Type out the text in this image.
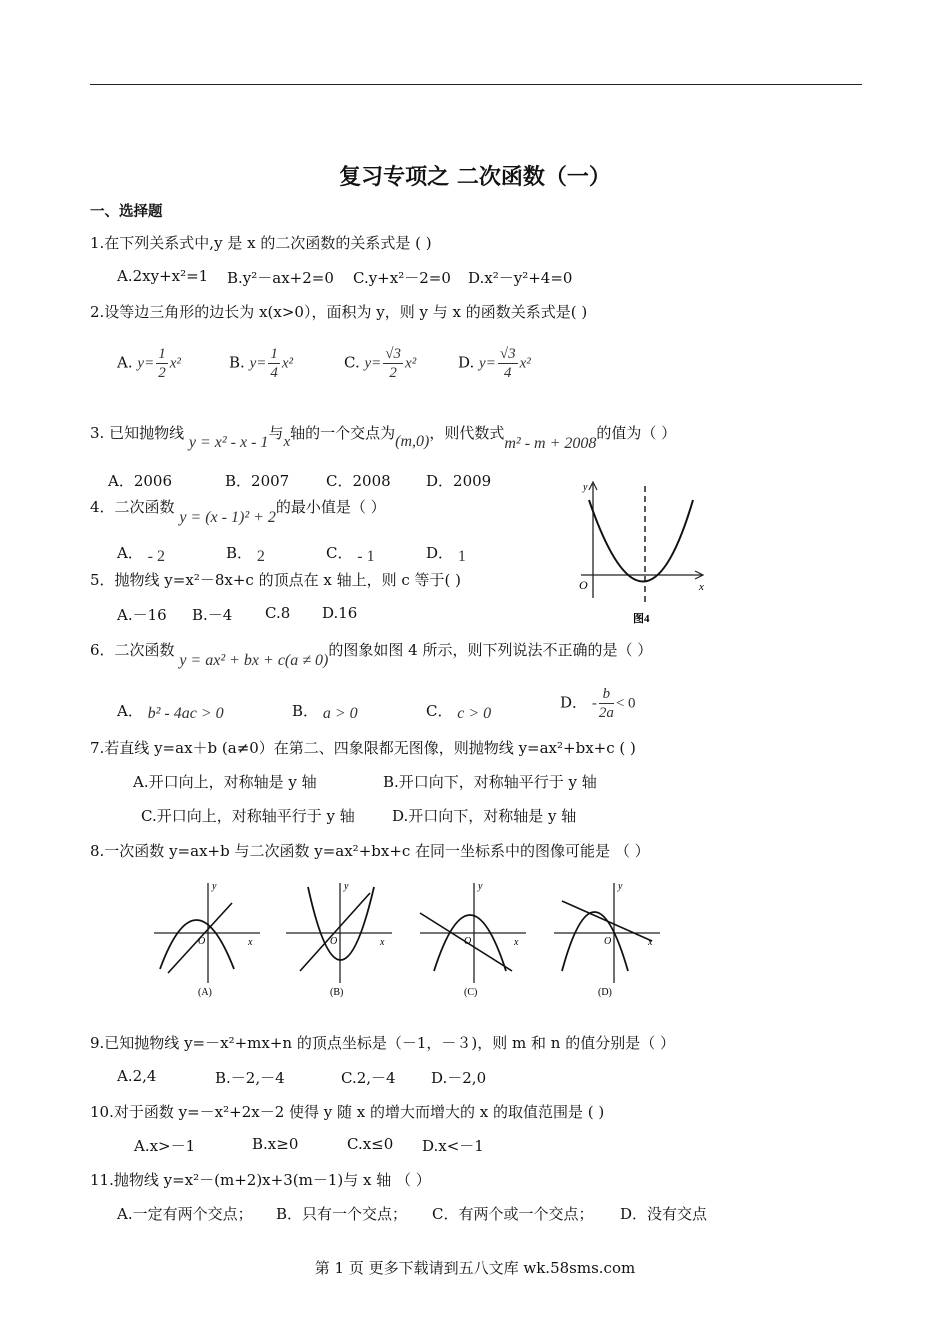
复习专项之 二次函数（一）
一、选择题
1.在下列关系式中,y 是 x 的二次函数的关系式是 ( )
A.2xy+x²=1 B.y²－ax+2=0 C.y+x²－2=0 D.x²－y²+4=0
2.设等边三角形的边长为 x(x>0），面积为 y，则 y 与 x 的函数关系式是( )
A. $y= \frac{1}{2} x^2$	B. $y= \frac{1}{4} x^2$	C. $y= \frac{√3}{2} x^2$	D. $y= \frac{√3}{4} x^2$
3. 已知抛物线 y = x² - x - 1与x轴的一个交点为(m,0)，则代数式m² - m + 2008的值为（ ）
A．2006	B．2007 C．2008 D．2009
4．二次函数 y = (x - 1)² + 2的最小值是（ ）
A． - 2	B． 2	C． - 1	D． 1
5．抛物线 y=x²－8x+c 的顶点在 x 轴上，则 c 等于( )
A.－16 B.－4 C.8 D.16
y
x
O
图4
6．二次函数 y = ax² + bx + c(a ≠ 0)的图象如图 4 所示，则下列说法不正确的是（ ）
A． b² - 4ac > 0	B． a > 0	C． c > 0
D． - $\frac{b}{2a} < 0$
7.若直线 y=ax＋b (a≠0）在第二、四象限都无图像，则抛物线 y=ax²+bx+c ( )
A.开口向上，对称轴是 y 轴	B.开口向下，对称轴平行于 y 轴
C.开口向上，对称轴平行于 y 轴 D.开口向下，对称轴是 y 轴
8.一次函数 y=ax+b 与二次函数 y=ax²+bx+c 在同一坐标系中的图像可能是 （ ）
y
x
O
(A)
y
x
O
(B)
y
x
O
(C)
y
x
O
(D)
9.已知抛物线 y=－x²+mx+n 的顶点坐标是（－1，－３)，则 m 和 n 的值分别是（ ）
A.2,4	B.－2,－4	C.2,－4 D.－2,0
10.对于函数 y=－x²+2x－2 使得 y 随 x 的增大而增大的 x 的取值范围是 ( )
A.x>－1	B.x≥0	C.x≤0 D.x<－1
11.抛物线 y=x²－(m+2)x+3(m－1)与 x 轴 （ ）
A.一定有两个交点； B．只有一个交点； C．有两个或一个交点； D．没有交点
第 1 页 更多下载请到五八文库 wk.58sms.com
